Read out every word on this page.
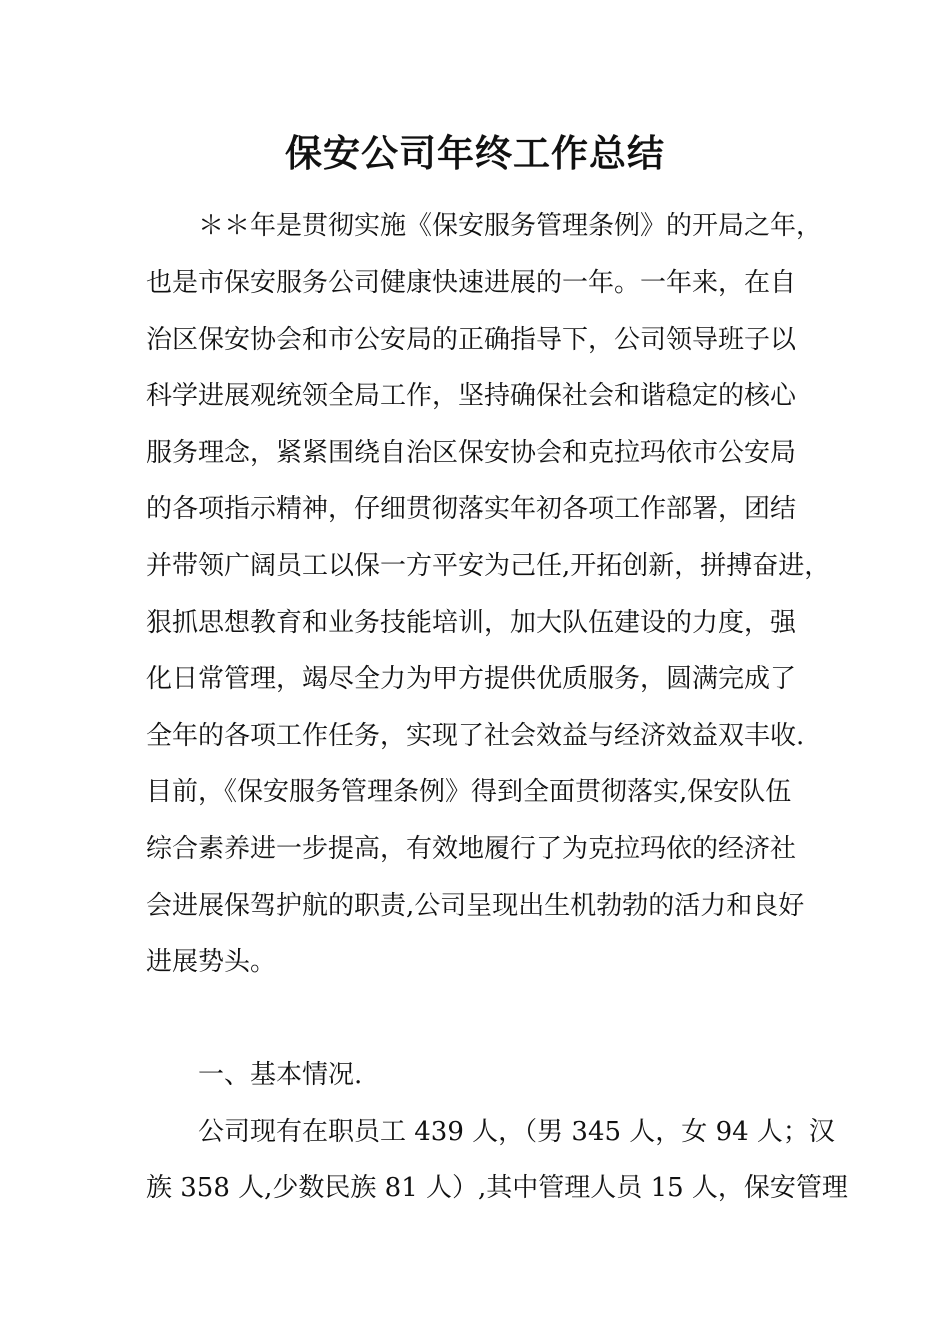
保安公司年终工作总结

＊＊年是贯彻实施《保安服务管理条例》的开局之年，

也是市保安服务公司健康快速进展的一年。一年来，在自

治区保安协会和市公安局的正确指导下，公司领导班子以

科学进展观统领全局工作，坚持确保社会和谐稳定的核心

服务理念，紧紧围绕自治区保安协会和克拉玛依市公安局

的各项指示精神，仔细贯彻落实年初各项工作部署，团结

并带领广阔员工以保一方平安为己任,开拓创新，拼搏奋进，

狠抓思想教育和业务技能培训，加大队伍建设的力度，强

化日常管理，竭尽全力为甲方提供优质服务，圆满完成了

全年的各项工作任务，实现了社会效益与经济效益双丰收.

目前，《保安服务管理条例》得到全面贯彻落实,保安队伍

综合素养进一步提高，有效地履行了为克拉玛依的经济社

会进展保驾护航的职责,公司呈现出生机勃勃的活力和良好

进展势头。

一、基本情况.

公司现有在职员工 439 人，（男 345 人，女 94 人；汉

族 358 人,少数民族 81 人）,其中管理人员 15 人，保安管理
